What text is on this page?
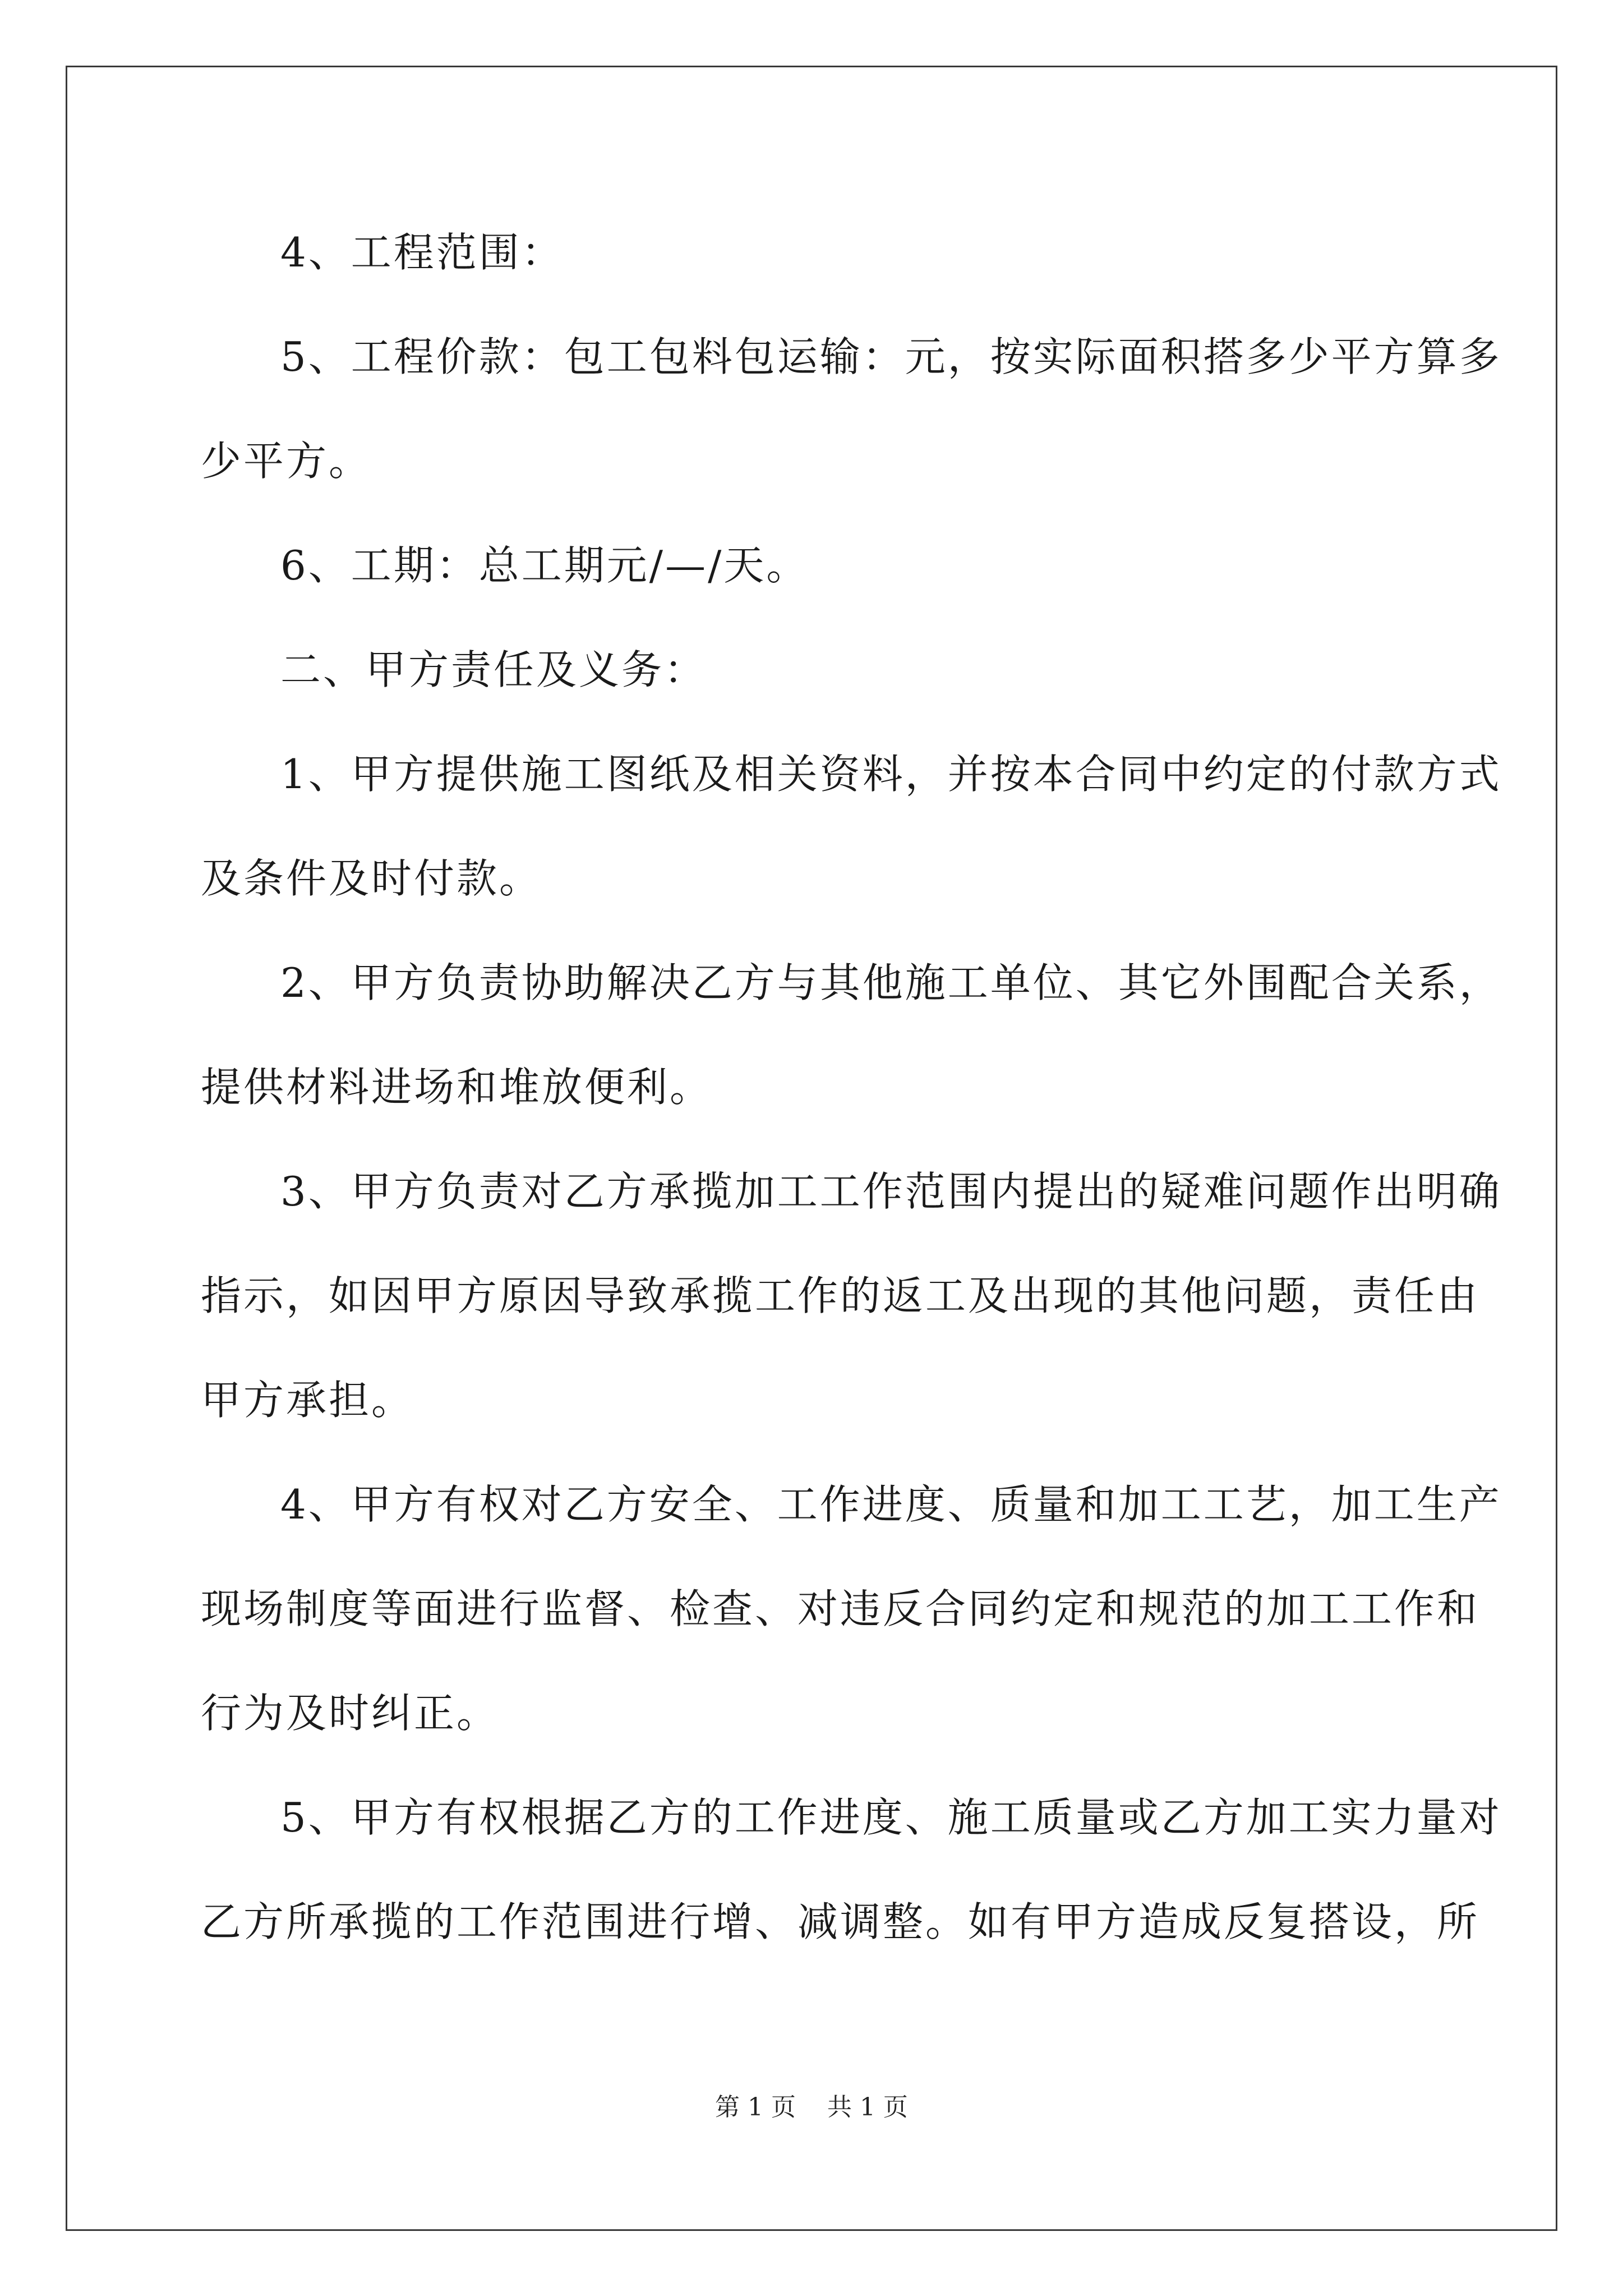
4、工程范围：
5、工程价款：包工包料包运输：元，按实际面积搭多少平方算多
少平方。
6、工期：总工期元/—/天。
二、甲方责任及义务：
1、甲方提供施工图纸及相关资料，并按本合同中约定的付款方式
及条件及时付款。
2、甲方负责协助解决乙方与其他施工单位、其它外围配合关系，
提供材料进场和堆放便利。
3、甲方负责对乙方承揽加工工作范围内提出的疑难问题作出明确
指示，如因甲方原因导致承揽工作的返工及出现的其他问题，责任由
甲方承担。
4、甲方有权对乙方安全、工作进度、质量和加工工艺，加工生产
现场制度等面进行监督、检查、对违反合同约定和规范的加工工作和
行为及时纠正。
5、甲方有权根据乙方的工作进度、施工质量或乙方加工实力量对
乙方所承揽的工作范围进行增、减调整。如有甲方造成反复搭设，所
第 1 页    共 1 页
